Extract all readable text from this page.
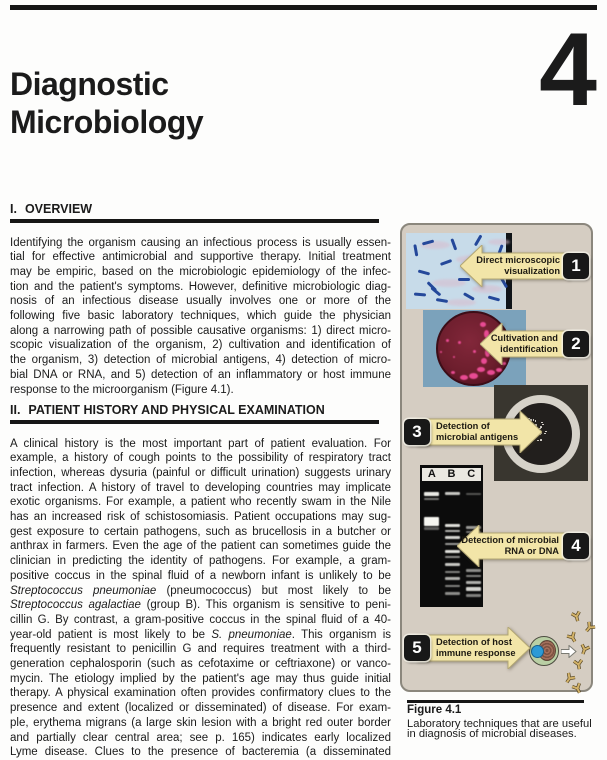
Diagnostic
Microbiology	4
I. OVERVIEW
Identifying the organism causing an infectious process is usually essen-
tial for effective antimicrobial and supportive therapy. Initial treatment
may be empiric, based on the microbiologic epidemiology of the infec-
tion and the patient's symptoms. However, definitive microbiologic diag-
nosis of an infectious disease usually involves one or more of the
following five basic laboratory techniques, which guide the physician
along a narrowing path of possible causative organisms: 1) direct micro-
scopic visualization of the organism, 2) cultivation and identification of
the organism, 3) detection of microbial antigens, 4) detection of micro-
bial DNA or RNA, and 5) detection of an inflammatory or host immune
response to the microorganism (Figure 4.1).
II. PATIENT HISTORY AND PHYSICAL EXAMINATION
A clinical history is the most important part of patient evaluation. For
example, a history of cough points to the possibility of respiratory tract
infection, whereas dysuria (painful or difficult urination) suggests urinary
tract infection. A history of travel to developing countries may implicate
exotic organisms. For example, a patient who recently swam in the Nile
has an increased risk of schistosomiasis. Patient occupations may sug-
gest exposure to certain pathogens, such as brucellosis in a butcher or
anthrax in farmers. Even the age of the patient can sometimes guide the
clinician in predicting the identity of pathogens. For example, a gram-
positive coccus in the spinal fluid of a newborn infant is unlikely to be
Streptococcus pneumoniae (pneumococcus) but most likely to be
Streptococcus agalactiae (group B). This organism is sensitive to peni-
cillin G. By contrast, a gram-positive coccus in the spinal fluid of a 40-
year-old patient is most likely to be S. pneumoniae. This organism is
frequently resistant to penicillin G and requires treatment with a third-
generation cephalosporin (such as cefotaxime or ceftriaxone) or vanco-
mycin. The etiology implied by the patient's age may thus guide initial
therapy. A physical examination often provides confirmatory clues to the
presence and extent (localized or disseminated) of disease. For exam-
ple, erythema migrans (a large skin lesion with a bright red outer border
and partially clear central area; see p. 165) indicates early localized
Lyme disease. Clues to the presence of bacteremia (a disseminated
A	B	C
Direct microscopic
visualization 1
Cultivation and
identification 2
Detection of
microbial antigens
3
Detection of microbial
RNA or DNA 4
Detection of host
immune response
5
Figure 4.1
Laboratory techniques that are useful
in diagnosis of microbial diseases.
